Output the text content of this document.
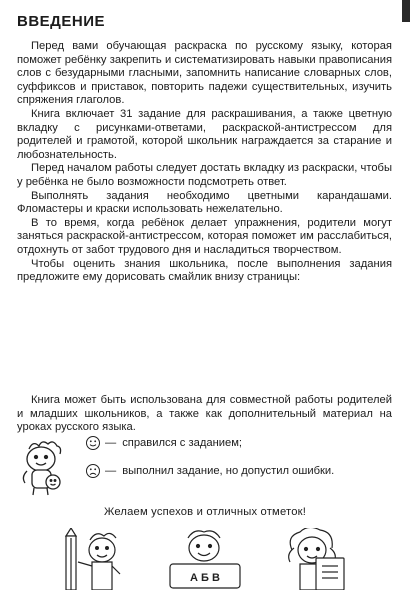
ВВЕДЕНИЕ

Перед вами обучающая раскраска по русскому языку, которая поможет ребёнку закрепить и систематизировать навыки правописания слов с безударными гласными, запомнить написание словарных слов, суффиксов и приставок, повторить падежи существительных, изучить спряжения глаголов.

Книга включает 31 задание для раскрашивания, а также цветную вкладку с рисунками-ответами, раскраской-антистрессом для родителей и грамотой, которой школьник награждается за старание и любознательность.

Перед началом работы следует достать вкладку из раскраски, чтобы у ребёнка не было возможности подсмотреть ответ.

Выполнять задания необходимо цветными карандашами. Фломастеры и краски использовать нежелательно.

В то время, когда ребёнок делает упражнения, родители могут заняться раскраской-антистрессом, которая поможет им расслабиться, отдохнуть от забот трудового дня и насладиться творчеством.

Чтобы оценить знания школьника, после выполнения задания предложите ему дорисовать смайлик внизу страницы:

— справился с заданием;
— выполнил задание, но допустил ошибки.

Книга может быть использована для совместной работы родителей и младших школьников, а также как дополнительный материал на уроках русского языка.

Желаем успехов и отличных отметок!
А Б В
